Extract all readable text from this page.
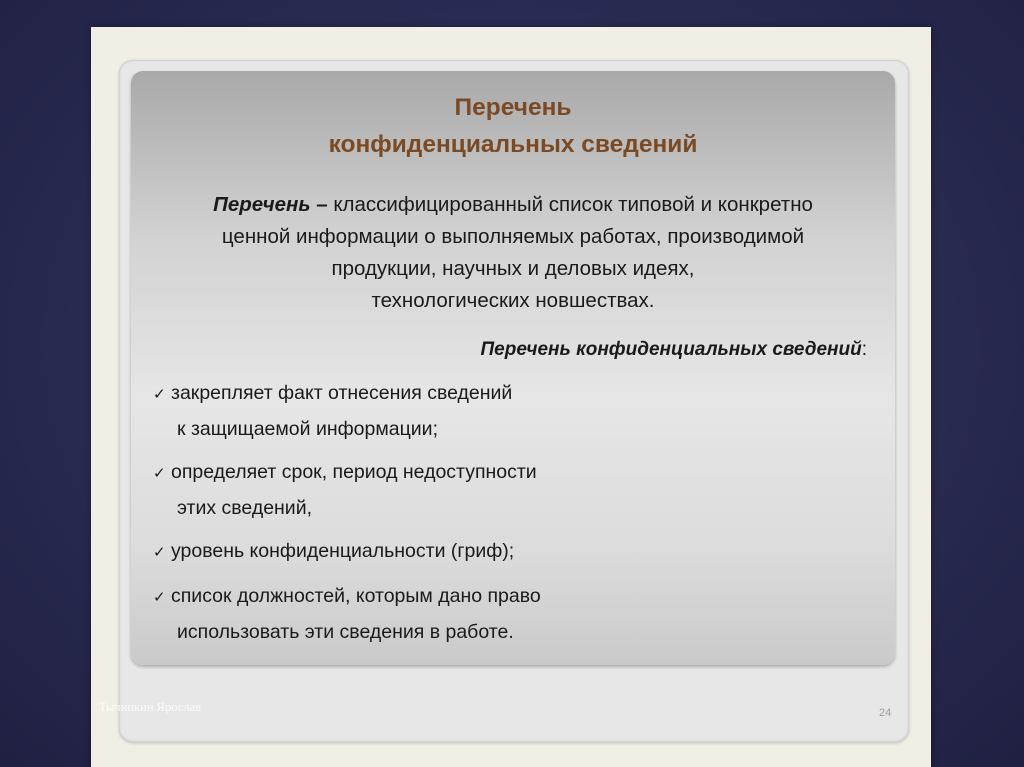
Перечень
конфиденциальных сведений

Перечень – классифицированный список типовой и конкретно
ценной информации о выполняемых работах, производимой
продукции, научных и деловых идеях,
технологических новшествах.

Перечень конфиденциальных сведений:

✓ закрепляет факт отнесения сведений
к защищаемой информации;
✓ определяет срок, период недоступности
этих сведений,
✓ уровень конфиденциальности (гриф);
✓ список должностей, которым дано право
использовать эти сведения в работе.
Тычинкин Ярослав	24
